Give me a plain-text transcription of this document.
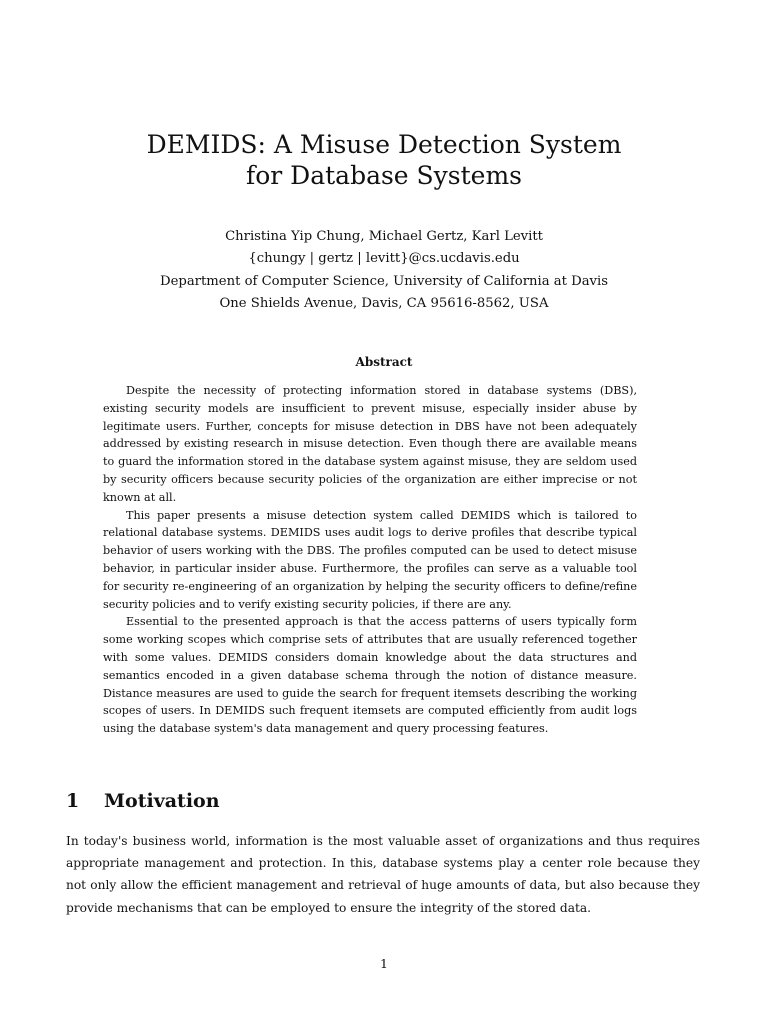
DEMIDS: A Misuse Detection System
for Database Systems
Christina Yip Chung, Michael Gertz, Karl Levitt
{chungy | gertz | levitt}@cs.ucdavis.edu
Department of Computer Science, University of California at Davis
One Shields Avenue, Davis, CA 95616-8562, USA
Abstract

Despite the necessity of protecting information stored in database systems (DBS), existing security models are insufficient to prevent misuse, especially insider abuse by legitimate users. Further, concepts for misuse detection in DBS have not been adequately addressed by existing research in misuse detection. Even though there are available means to guard the information stored in the database system against misuse, they are seldom used by security officers because security policies of the organization are either imprecise or not known at all.

This paper presents a misuse detection system called DEMIDS which is tailored to relational database systems. DEMIDS uses audit logs to derive profiles that describe typical behavior of users working with the DBS. The profiles computed can be used to detect misuse behavior, in particular insider abuse. Furthermore, the profiles can serve as a valuable tool for security re-engineering of an organization by helping the security officers to define/refine security policies and to verify existing security policies, if there are any.

Essential to the presented approach is that the access patterns of users typically form some working scopes which comprise sets of attributes that are usually referenced together with some values. DEMIDS considers domain knowledge about the data structures and semantics encoded in a given database schema through the notion of distance measure. Distance measures are used to guide the search for frequent itemsets describing the working scopes of users. In DEMIDS such frequent itemsets are computed efficiently from audit logs using the database system's data management and query processing features.

1 Motivation

In today's business world, information is the most valuable asset of organizations and thus requires appropriate management and protection. In this, database systems play a center role because they not only allow the efficient management and retrieval of huge amounts of data, but also because they provide mechanisms that can be employed to ensure the integrity of the stored data.

1
